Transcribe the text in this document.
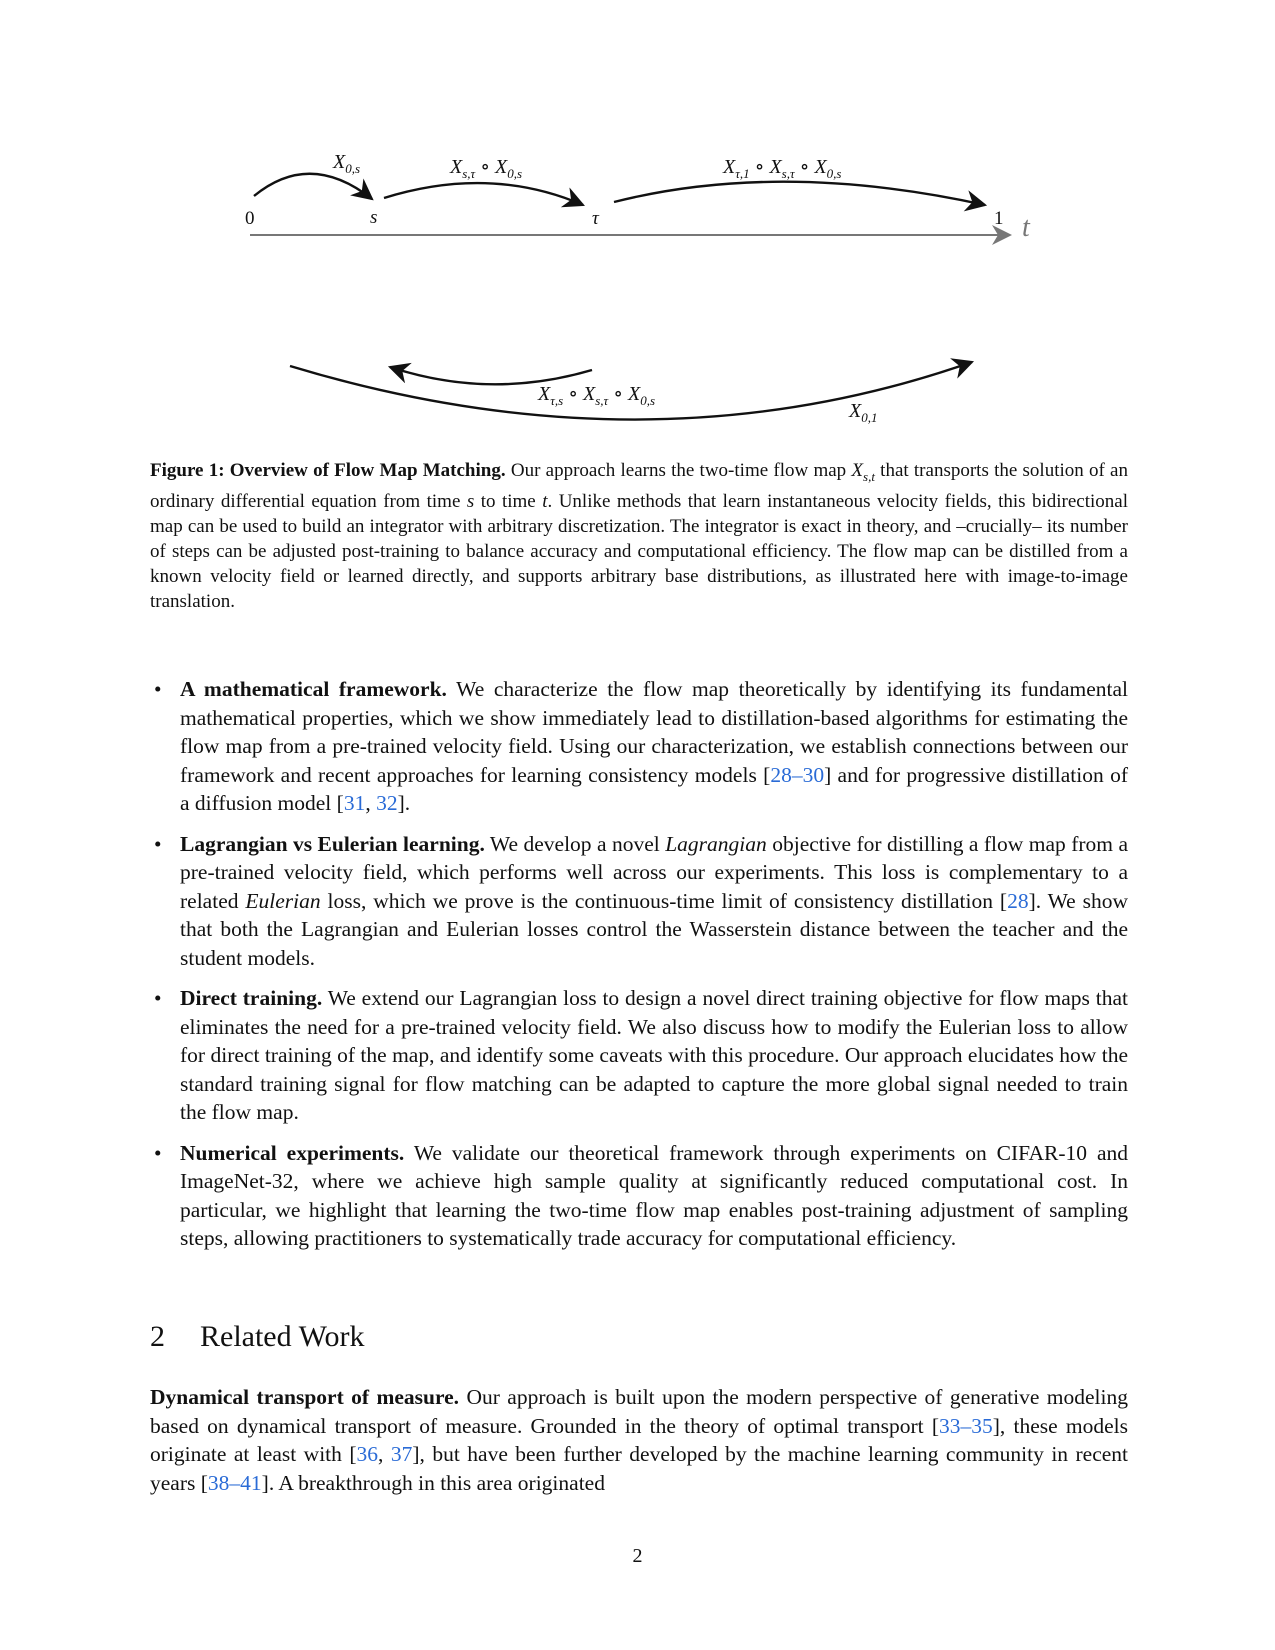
0	s	τ	1 t
$X_{0,s}$	$X_{s,\tau}$ ∘ $X_{0,s}$	$X_{\tau,1}$ ∘ $X_{s,\tau}$ ∘ $X_{0,s}$
$X_{\tau,s}$ ∘ $X_{s,\tau}$ ∘ $X_{0,s}$	$X_{0,1}$
Figure 1: Overview of Flow Map Matching. Our approach learns the two-time flow map $X_{s,t}$ that transports the solution of an ordinary differential equation from time s to time t. Unlike methods that learn instantaneous velocity fields, this bidirectional map can be used to build an integrator with arbitrary discretization. The integrator is exact in theory, and –crucially– its number of steps can be adjusted post-training to balance accuracy and computational efficiency. The flow map can be distilled from a known velocity field or learned directly, and supports arbitrary base distributions, as illustrated here with image-to-image translation.
• A mathematical framework. We characterize the flow map theoretically by identifying its fundamental mathematical properties, which we show immediately lead to distillation-based algorithms for estimating the flow map from a pre-trained velocity field. Using our characterization, we establish connections between our framework and recent approaches for learning consistency models [28–30] and for progressive distillation of a diffusion model [31, 32].
• Lagrangian vs Eulerian learning. We develop a novel Lagrangian objective for distilling a flow map from a pre-trained velocity field, which performs well across our experiments. This loss is complementary to a related Eulerian loss, which we prove is the continuous-time limit of consistency distillation [28]. We show that both the Lagrangian and Eulerian losses control the Wasserstein distance between the teacher and the student models.
• Direct training. We extend our Lagrangian loss to design a novel direct training objective for flow maps that eliminates the need for a pre-trained velocity field. We also discuss how to modify the Eulerian loss to allow for direct training of the map, and identify some caveats with this procedure. Our approach elucidates how the standard training signal for flow matching can be adapted to capture the more global signal needed to train the flow map.
• Numerical experiments. We validate our theoretical framework through experiments on CIFAR-10 and ImageNet-32, where we achieve high sample quality at significantly reduced computational cost. In particular, we highlight that learning the two-time flow map enables post-training adjustment of sampling steps, allowing practitioners to systematically trade accuracy for computational efficiency.
2 Related Work

Dynamical transport of measure. Our approach is built upon the modern perspective of generative modeling based on dynamical transport of measure. Grounded in the theory of optimal transport [33–35], these models originate at least with [36, 37], but have been further developed by the machine learning community in recent years [38–41]. A breakthrough in this area originated

2
